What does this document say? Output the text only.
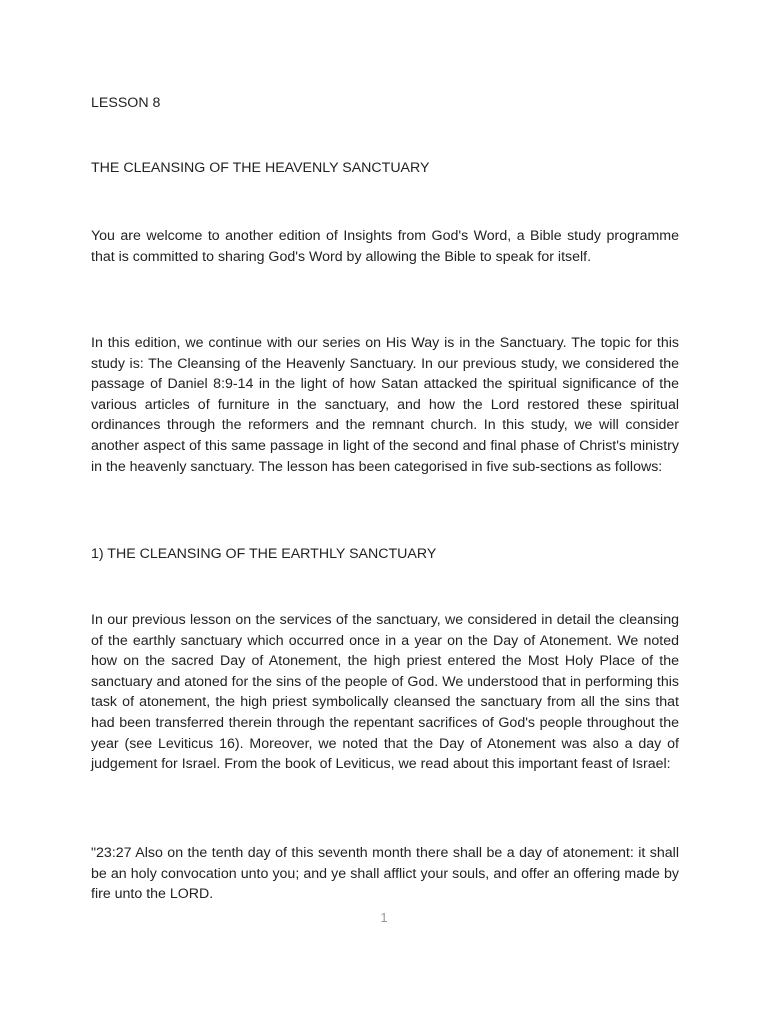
LESSON 8

THE CLEANSING OF THE HEAVENLY SANCTUARY

You are welcome to another edition of Insights from God's Word, a Bible study programme that is committed to sharing God's Word by allowing the Bible to speak for itself.

In this edition, we continue with our series on His Way is in the Sanctuary. The topic for this study is: The Cleansing of the Heavenly Sanctuary. In our previous study, we considered the passage of Daniel 8:9-14 in the light of how Satan attacked the spiritual significance of the various articles of furniture in the sanctuary, and how the Lord restored these spiritual ordinances through the reformers and the remnant church. In this study, we will consider another aspect of this same passage in light of the second and final phase of Christ's ministry in the heavenly sanctuary. The lesson has been categorised in five sub-sections as follows:

1) THE CLEANSING OF THE EARTHLY SANCTUARY

In our previous lesson on the services of the sanctuary, we considered in detail the cleansing of the earthly sanctuary which occurred once in a year on the Day of Atonement. We noted how on the sacred Day of Atonement, the high priest entered the Most Holy Place of the sanctuary and atoned for the sins of the people of God. We understood that in performing this task of atonement, the high priest symbolically cleansed the sanctuary from all the sins that had been transferred therein through the repentant sacrifices of God's people throughout the year (see Leviticus 16). Moreover, we noted that the Day of Atonement was also a day of judgement for Israel. From the book of Leviticus, we read about this important feast of Israel:

"23:27 Also on the tenth day of this seventh month there shall be a day of atonement: it shall be an holy convocation unto you; and ye shall afflict your souls, and offer an offering made by fire unto the LORD.

1
